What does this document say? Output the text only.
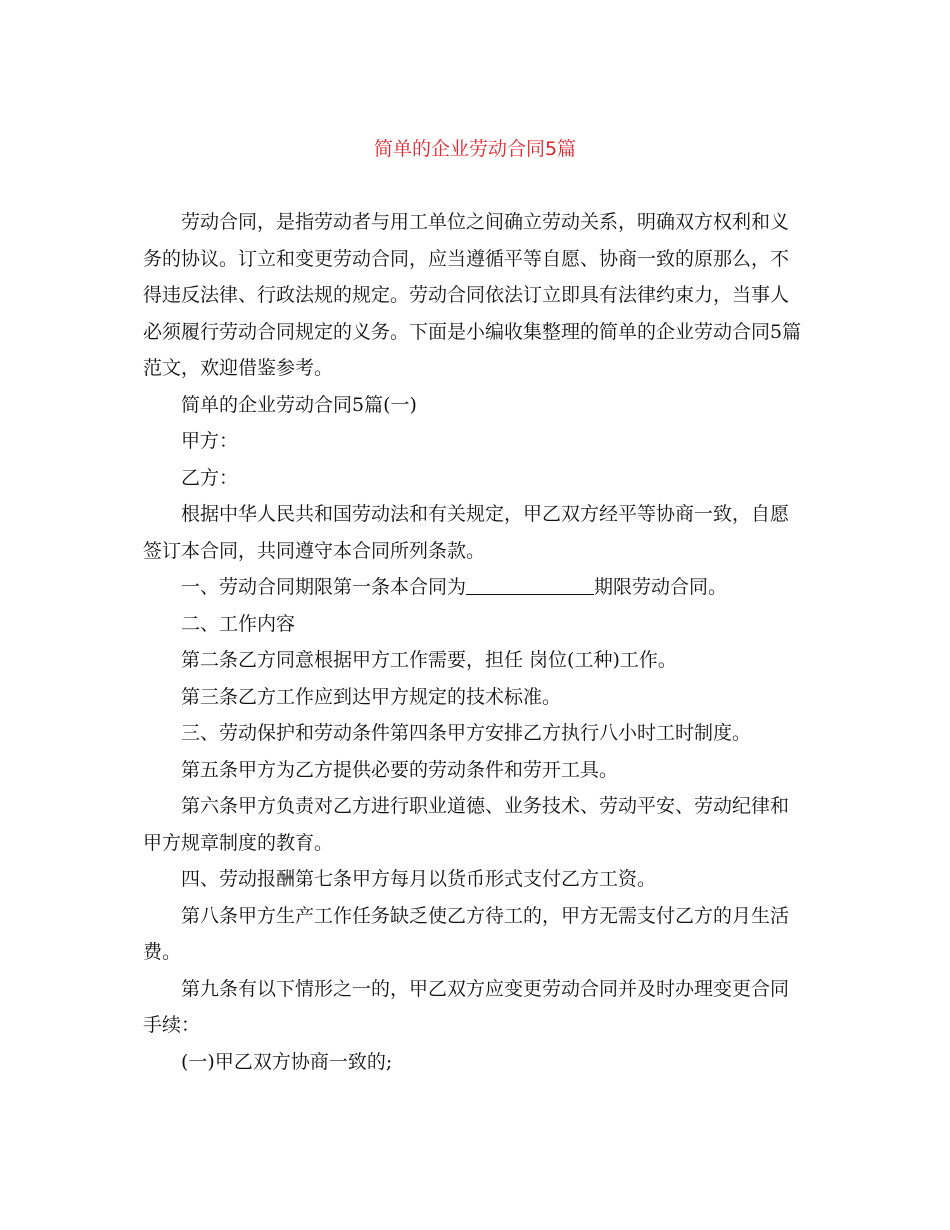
简单的企业劳动合同5篇

劳动合同，是指劳动者与用工单位之间确立劳动关系，明确双方权利和义务的协议。订立和变更劳动合同，应当遵循平等自愿、协商一致的原那么，不得违反法律、行政法规的规定。劳动合同依法订立即具有法律约束力，当事人必须履行劳动合同规定的义务。下面是小编收集整理的简单的企业劳动合同5篇范文，欢迎借鉴参考。

简单的企业劳动合同5篇(一)

甲方：

乙方：

根据中华人民共和国劳动法和有关规定，甲乙双方经平等协商一致，自愿签订本合同，共同遵守本合同所列条款。

一、劳动合同期限第一条本合同为	期限劳动合同。

二、工作内容

第二条乙方同意根据甲方工作需要，担任 岗位(工种)工作。

第三条乙方工作应到达甲方规定的技术标准。

三、劳动保护和劳动条件第四条甲方安排乙方执行八小时工时制度。

第五条甲方为乙方提供必要的劳动条件和劳开工具。

第六条甲方负责对乙方进行职业道德、业务技术、劳动平安、劳动纪律和甲方规章制度的教育。

四、劳动报酬第七条甲方每月以货币形式支付乙方工资。

第八条甲方生产工作任务缺乏使乙方待工的，甲方无需支付乙方的月生活费。

第九条有以下情形之一的，甲乙双方应变更劳动合同并及时办理变更合同手续：

(一)甲乙双方协商一致的;
